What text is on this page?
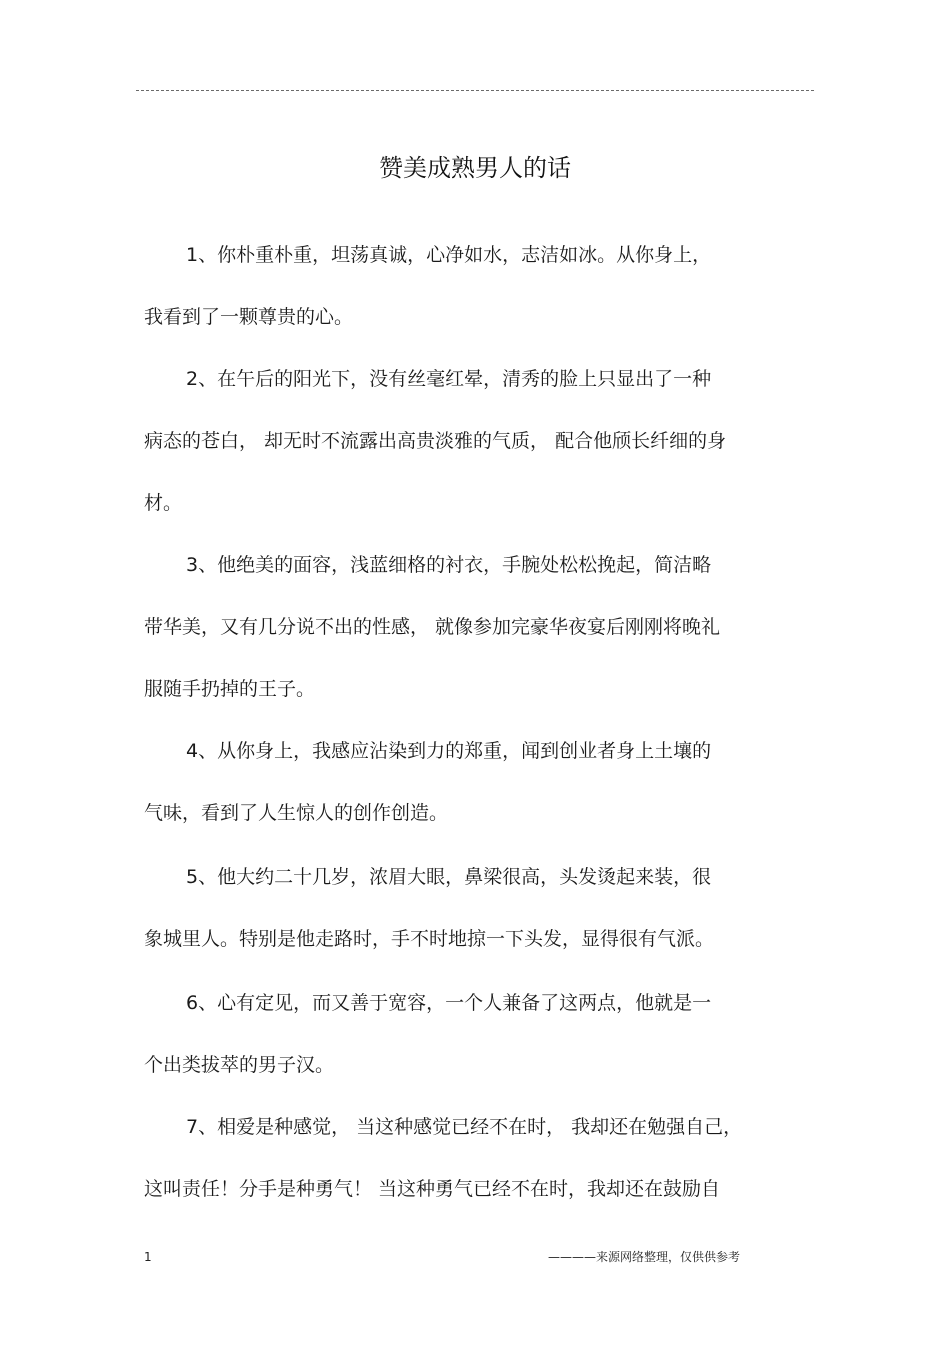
赞美成熟男人的话
1、你朴重朴重，坦荡真诚，心净如水，志洁如冰。从你身上，
我看到了一颗尊贵的心。
2、在午后的阳光下，没有丝毫红晕，清秀的脸上只显出了一种
病态的苍白， 却无时不流露出高贵淡雅的气质， 配合他颀长纤细的身
材。
3、他绝美的面容，浅蓝细格的衬衣，手腕处松松挽起，简洁略
带华美，又有几分说不出的性感， 就像参加完豪华夜宴后刚刚将晚礼
服随手扔掉的王子。
4、从你身上，我感应沾染到力的郑重，闻到创业者身上土壤的
气味，看到了人生惊人的创作创造。
5、他大约二十几岁，浓眉大眼，鼻梁很高，头发烫起来装，很
象城里人。特别是他走路时，手不时地掠一下头发，显得很有气派。
6、心有定见，而又善于宽容，一个人兼备了这两点，他就是一
个出类拔萃的男子汉。
7、相爱是种感觉， 当这种感觉已经不在时， 我却还在勉强自己，
这叫责任！分手是种勇气！ 当这种勇气已经不在时，我却还在鼓励自
1	————来源网络整理，仅供供参考
